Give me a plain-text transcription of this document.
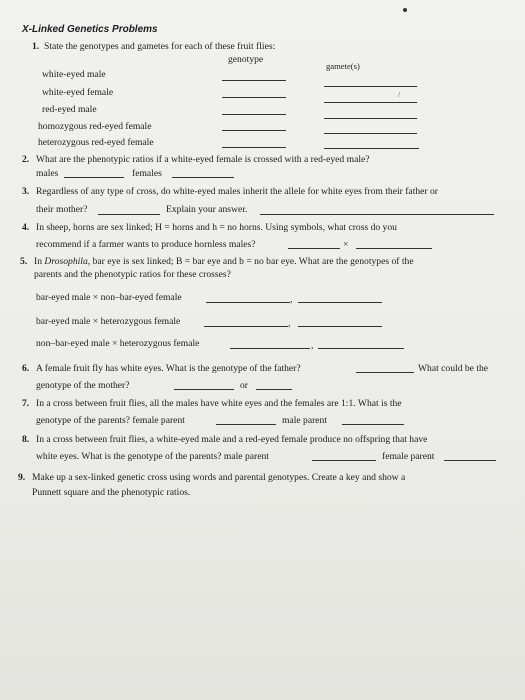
X-Linked Genetics Problems
1. State the genotypes and gametes for each of these fruit flies:
genotype
gamete(s)
white-eyed male
white-eyed female	/
red-eyed male
homozygous red-eyed female
heterozygous red-eyed female
2. What are the phenotypic ratios if a white-eyed female is crossed with a red-eyed male?
males	females
3. Regardless of any type of cross, do white-eyed males inherit the allele for white eyes from their father or
their mother?	Explain your answer.
4. In sheep, horns are sex linked; H = horns and h = no horns. Using symbols, what cross do you
recommend if a farmer wants to produce hornless males?	×
5. In Drosophila, bar eye is sex linked; B = bar eye and b = no bar eye. What are the genotypes of the
parents and the phenotypic ratios for these crosses?
bar-eyed male × non–bar-eyed female	,
bar-eyed male × heterozygous female	,
non–bar-eyed male × heterozygous female	,
6. A female fruit fly has white eyes. What is the genotype of the father?	What could be the
genotype of the mother?	or
7. In a cross between fruit flies, all the males have white eyes and the females are 1:1. What is the
genotype of the parents? female parent	male parent
8. In a cross between fruit flies, a white-eyed male and a red-eyed female produce no offspring that have
white eyes. What is the genotype of the parents? male parent	female parent
9. Make up a sex-linked genetic cross using words and parental genotypes. Create a key and show a
Punnett square and the phenotypic ratios.
